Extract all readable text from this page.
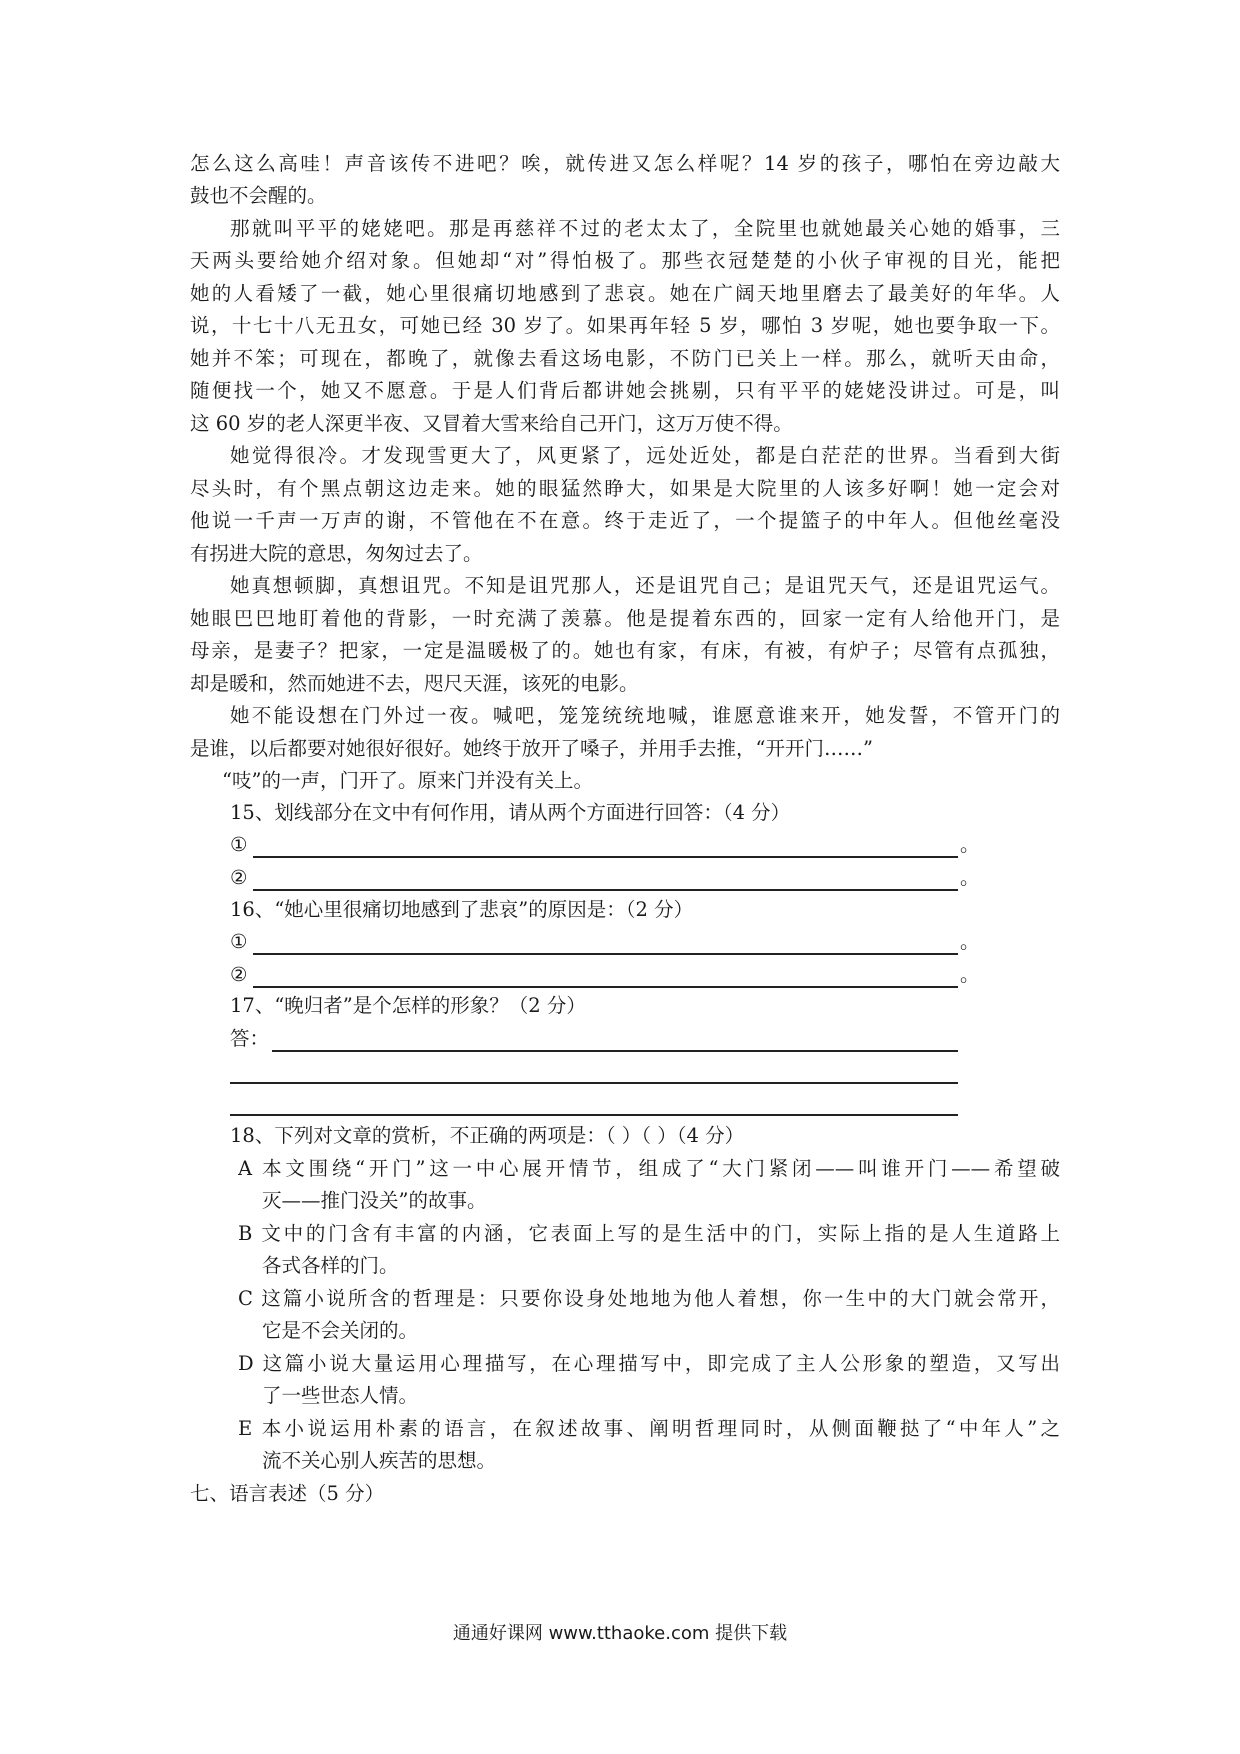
怎么这么高哇！声音该传不进吧？唉，就传进又怎么样呢？14 岁的孩子，哪怕在旁边敲大
鼓也不会醒的。
那就叫平平的姥姥吧。那是再慈祥不过的老太太了，全院里也就她最关心她的婚事，三
天两头要给她介绍对象。但她却“对”得怕极了。那些衣冠楚楚的小伙子审视的目光，能把
她的人看矮了一截，她心里很痛切地感到了悲哀。她在广阔天地里磨去了最美好的年华。人
说，十七十八无丑女，可她已经 30 岁了。如果再年轻 5 岁，哪怕 3 岁呢，她也要争取一下。
她并不笨；可现在，都晚了，就像去看这场电影，不防门已关上一样。那么，就听天由命，
随便找一个，她又不愿意。于是人们背后都讲她会挑剔，只有平平的姥姥没讲过。可是，叫
这 60 岁的老人深更半夜、又冒着大雪来给自己开门，这万万使不得。
她觉得很冷。才发现雪更大了，风更紧了，远处近处，都是白茫茫的世界。当看到大街
尽头时，有个黑点朝这边走来。她的眼猛然睁大，如果是大院里的人该多好啊！她一定会对
他说一千声一万声的谢，不管他在不在意。终于走近了，一个提篮子的中年人。但他丝毫没
有拐进大院的意思，匆匆过去了。
她真想顿脚，真想诅咒。不知是诅咒那人，还是诅咒自己；是诅咒天气，还是诅咒运气。
她眼巴巴地盯着他的背影，一时充满了羡慕。他是提着东西的，回家一定有人给他开门，是
母亲，是妻子？把家，一定是温暖极了的。她也有家，有床，有被，有炉子；尽管有点孤独，
却是暖和，然而她进不去，咫尺天涯，该死的电影。
她不能设想在门外过一夜。喊吧，笼笼统统地喊，谁愿意谁来开，她发誓，不管开门的
是谁，以后都要对她很好很好。她终于放开了嗓子，并用手去推，“开开门……”
“吱”的一声，门开了。原来门并没有关上。
15、划线部分在文中有何作用，请从两个方面进行回答：（4 分）
①	。
②	。
16、“她心里很痛切地感到了悲哀”的原因是：（2 分）
①	。
②	。
17、“晚归者”是个怎样的形象？（2 分）
答：
18、下列对文章的赏析，不正确的两项是：（ ）（ ）（4 分）
A 本文围绕“开门”这一中心展开情节，组成了“大门紧闭——叫谁开门——希望破
灭——推门没关”的故事。
B 文中的门含有丰富的内涵，它表面上写的是生活中的门，实际上指的是人生道路上
各式各样的门。
C 这篇小说所含的哲理是：只要你设身处地地为他人着想，你一生中的大门就会常开，
它是不会关闭的。
D 这篇小说大量运用心理描写，在心理描写中，即完成了主人公形象的塑造，又写出
了一些世态人情。
E 本小说运用朴素的语言，在叙述故事、阐明哲理同时，从侧面鞭挞了“中年人”之
流不关心别人疾苦的思想。
七、语言表述（5 分）
通通好课网 www.tthaoke.com 提供下载
